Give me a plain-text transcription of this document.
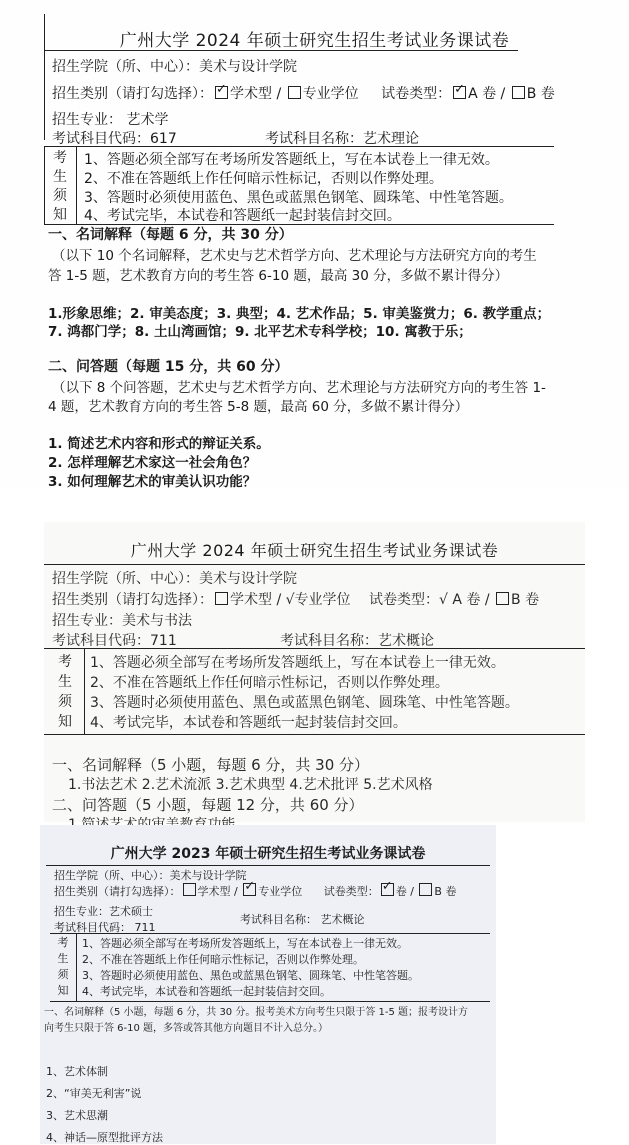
广州大学 2024 年硕士研究生招生考试业务课试卷
招生学院（所、中心）：美术与设计学院
招生类别（请打勾选择）： ✓ 学术型 / 专业学位 试卷类型： ✓ A 卷 / B 卷
招生专业： 艺术学
考试科目代码：617	考试科目名称：艺术理论
考
生
须
知
1、答题必须全部写在考场所发答题纸上，写在本试卷上一律无效。
2、不准在答题纸上作任何暗示性标记，否则以作弊处理。
3、答题时必须使用蓝色、黑色或蓝黑色钢笔、圆珠笔、中性笔答题。
4、考试完毕，本试卷和答题纸一起封装信封交回。
一、名词解释（每题 6 分，共 30 分）
（以下 10 个名词解释，艺术史与艺术哲学方向、艺术理论与方法研究方向的考生
答 1-5 题，艺术教育方向的考生答 6-10 题，最高 30 分，多做不累计得分）
1.形象思维；2. 审美态度；3. 典型；4. 艺术作品；5. 审美鉴赏力；6. 教学重点；
7. 鸿都门学；8. 土山湾画馆；9. 北平艺术专科学校；10. 寓教于乐；
二、问答题（每题 15 分，共 60 分）
（以下 8 个问答题，艺术史与艺术哲学方向、艺术理论与方法研究方向的考生答 1-
4 题，艺术教育方向的考生答 5-8 题，最高 60 分，多做不累计得分）
1. 简述艺术内容和形式的辩证关系。
2. 怎样理解艺术家这一社会角色？
3. 如何理解艺术的审美认识功能？
广州大学 2024 年硕士研究生招生考试业务课试卷
招生学院（所、中心）：美术与设计学院
招生类别（请打勾选择）： 学术型 / √专业学位 试卷类型：√ A 卷 / B 卷
招生专业：美术与书法
考试科目代码：711	考试科目名称：艺术概论
考
生
须
知
1、答题必须全部写在考场所发答题纸上，写在本试卷上一律无效。
2、不准在答题纸上作任何暗示性标记，否则以作弊处理。
3、答题时必须使用蓝色、黑色或蓝黑色钢笔、圆珠笔、中性笔答题。
4、考试完毕，本试卷和答题纸一起封装信封交回。
一、名词解释（5 小题，每题 6 分，共 30 分）
1.书法艺术 2.艺术流派 3.艺术典型 4.艺术批评 5.艺术风格
二、问答题（5 小题，每题 12 分，共 60 分）
广州大学 2023 年硕士研究生招生考试业务课试卷
招生学院（所、中心）：美术与设计学院
招生类别（请打勾选择）： 学术型 / ✓专业学位 试卷类型： ✓ 卷 / B 卷
招生专业：艺术硕士
考试科目代码： 711
考试科目名称： 艺术概论
考
生
须
知
1、答题必须全部写在考场所发答题纸上，写在本试卷上一律无效。
2、不准在答题纸上作任何暗示性标记，否则以作弊处理。
3、答题时必须使用蓝色、黑色或蓝黑色钢笔、圆珠笔、中性笔答题。
4、考试完毕，本试卷和答题纸一起封装信封交回。
一、名词解释（5 小题，每题 6 分，共 30 分。报考美术方向考生只限于答 1-5 题；报考设计方
向考生只限于答 6-10 题，多答或答其他方向题目不计入总分。）
1、艺术体制
2、“审美无利害”说
3、艺术思潮
4、神话—原型批评方法
